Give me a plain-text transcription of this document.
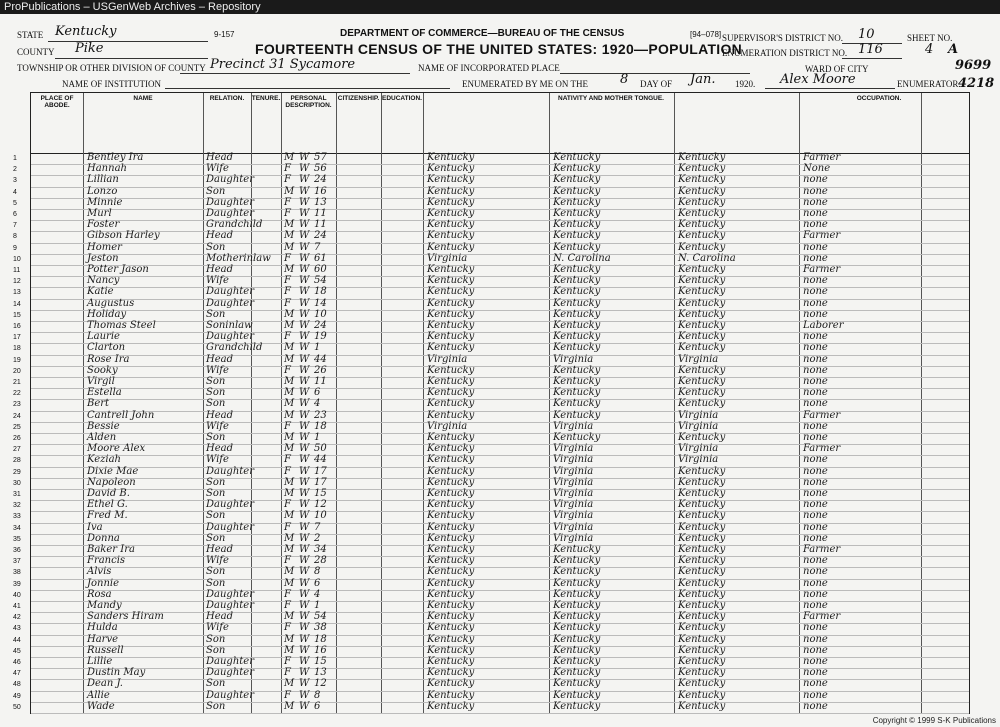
ProPublications – USGenWeb Archives – Repository
9-157	[94–078]
DEPARTMENT OF COMMERCE—BUREAU OF THE CENSUS
FOURTEENTH CENSUS OF THE UNITED STATES: 1920—POPULATION
STATE Kentucky
COUNTY Pike
TOWNSHIP OR OTHER DIVISION OF COUNTY Precinct 31 Sycamore	NAME OF INCORPORATED PLACE
NAME OF INSTITUTION	ENUMERATED BY ME ON THE 8 DAY OF Jan. 1920. Alex Moore	ENUMERATOR.
SUPERVISOR'S DISTRICT NO. 10	SHEET NO.
ENUMERATION DISTRICT NO. 116	4 A
WARD OF CITY	9699
4218
PLACE OF ABODE.
NAME	RELATION.	TENURE.	PERSONAL DESCRIPTION.
CITIZENSHIP. EDUCATION.	NATIVITY AND MOTHER TONGUE.	OCCUPATION.
1	Bentley Ira	Head	M W 57	Kentucky	Kentucky	Kentucky	Farmer
2	Hannah	Wife	F W 56	Kentucky	Kentucky	Kentucky	None
3	Lillian	Daughter	F W 24	Kentucky	Kentucky	Kentucky	none
4	Lonzo	Son	M W 16	Kentucky	Kentucky	Kentucky	none
5	Minnie	Daughter	F W 13	Kentucky	Kentucky	Kentucky	none
6	Murl	Daughter	F W 11	Kentucky	Kentucky	Kentucky	none
7	Foster	Grandchild M W 11	Kentucky	Kentucky	Kentucky	none
8	Gibson Harley	Head	M W 24	Kentucky	Kentucky	Kentucky	Farmer
9	Homer	Son	M W 7	Kentucky	Kentucky	Kentucky	none
10	Jeston	Motherinlaw F W 61	Virginia	N. Carolina	N. Carolina	none
11	Potter Jason	Head	M W 60	Kentucky	Kentucky	Kentucky	Farmer
12	Nancy	Wife	F W 54	Kentucky	Kentucky	Kentucky	none
13	Katie	Daughter	F W 18	Kentucky	Kentucky	Kentucky	none
14	Augustus	Daughter	F W 14	Kentucky	Kentucky	Kentucky	none
15	Holiday	Son	M W 10	Kentucky	Kentucky	Kentucky	none
16	Thomas Steel	Soninlaw	M W 24	Kentucky	Kentucky	Kentucky	Laborer
17	Laurie	Daughter	F W 19	Kentucky	Kentucky	Kentucky	none
18	Clarton	Grandchild M W 1	Kentucky	Kentucky	Kentucky	none
19	Rose Ira	Head	M W 44	Virginia	Virginia	Virginia	none
20	Sooky	Wife	F W 26	Kentucky	Kentucky	Kentucky	none
21	Virgil	Son	M W 11	Kentucky	Kentucky	Kentucky	none
22	Estella	Son	M W 6	Kentucky	Kentucky	Kentucky	none
23	Bert	Son	M W 4	Kentucky	Kentucky	Kentucky	none
24	Cantrell John	Head	M W 23	Kentucky	Kentucky	Virginia	Farmer
25	Bessie	Wife	F W 18	Virginia	Virginia	Virginia	none
26	Alden	Son	M W 1	Kentucky	Kentucky	Kentucky	none
27	Moore Alex	Head	M W 50	Kentucky	Virginia	Virginia	Farmer
28	Keziah	Wife	F W 44	Kentucky	Virginia	Virginia	none
29	Dixie Mae	Daughter	F W 17	Kentucky	Virginia	Kentucky	none
30	Napoleon	Son	M W 17	Kentucky	Virginia	Kentucky	none
31	David B.	Son	M W 15	Kentucky	Virginia	Kentucky	none
32	Ethel G.	Daughter	F W 12	Kentucky	Virginia	Kentucky	none
33	Fred M.	Son	M W 10	Kentucky	Virginia	Kentucky	none
34	Iva	Daughter	F W 7	Kentucky	Virginia	Kentucky	none
35	Donna	Son	M W 2	Kentucky	Virginia	Kentucky	none
36	Baker Ira	Head	M W 34	Kentucky	Kentucky	Kentucky	Farmer
37	Francis	Wife	F W 28	Kentucky	Kentucky	Kentucky	none
38	Alvis	Son	M W 8	Kentucky	Kentucky	Kentucky	none
39	Jonnie	Son	M W 6	Kentucky	Kentucky	Kentucky	none
40	Rosa	Daughter	F W 4	Kentucky	Kentucky	Kentucky	none
41	Mandy	Daughter	F W 1	Kentucky	Kentucky	Kentucky	none
42	Sanders Hiram	Head	M W 54	Kentucky	Kentucky	Kentucky	Farmer
43	Hulda	Wife	F W 38	Kentucky	Kentucky	Kentucky	none
44	Harve	Son	M W 18	Kentucky	Kentucky	Kentucky	none
45	Russell	Son	M W 16	Kentucky	Kentucky	Kentucky	none
46	Lillie	Daughter	F W 15	Kentucky	Kentucky	Kentucky	none
47	Dustin May	Daughter	F W 13	Kentucky	Kentucky	Kentucky	none
48	Dean J.	Son	M W 12	Kentucky	Kentucky	Kentucky	none
49	Allie	Daughter	F W 8	Kentucky	Kentucky	Kentucky	none
50	Wade	Son	M W 6	Kentucky	Kentucky	Kentucky	none
Copyright © 1999 S-K Publications
